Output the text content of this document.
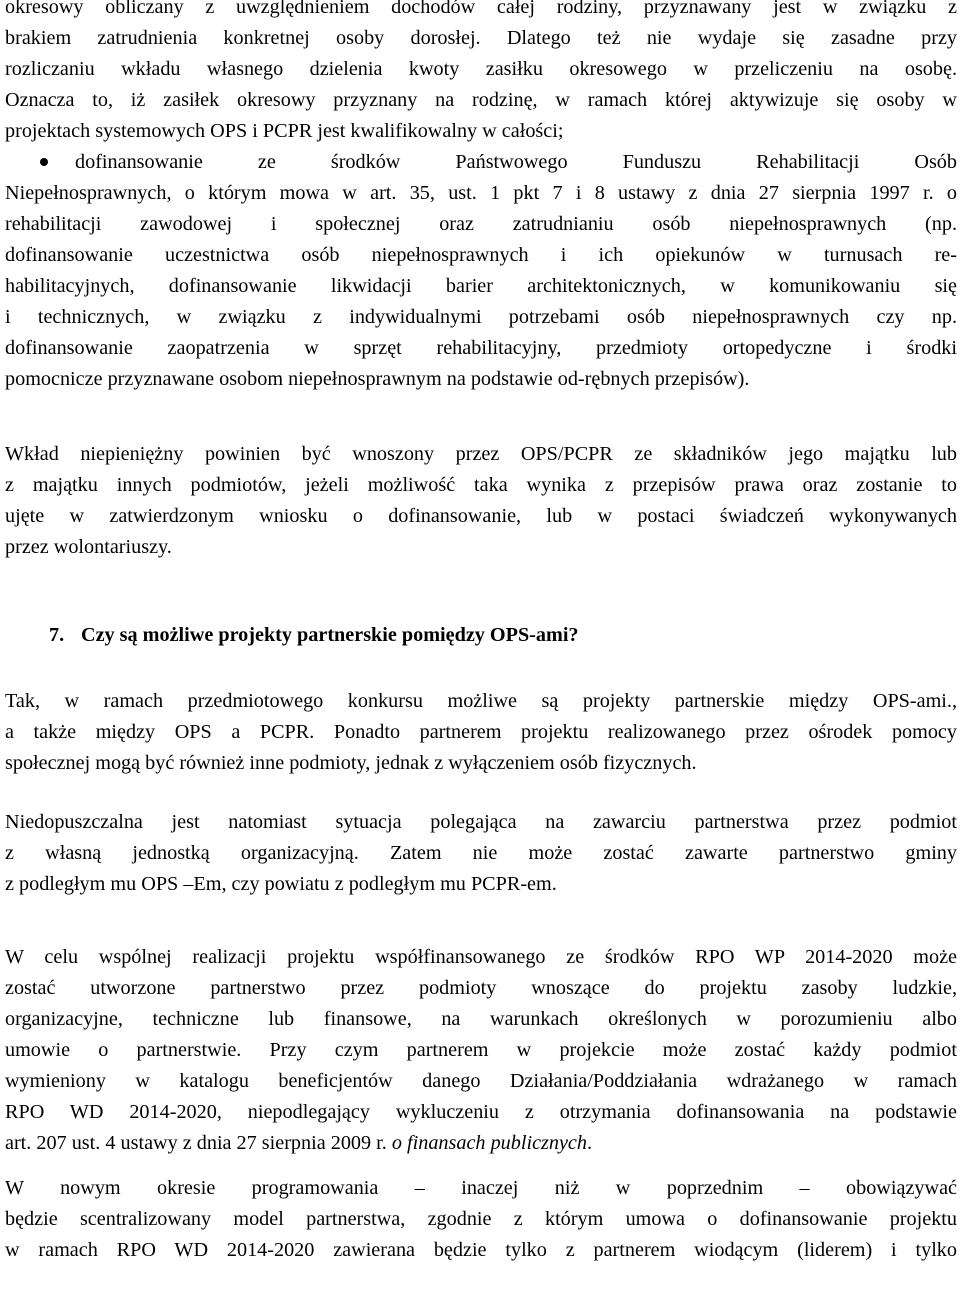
okresowy obliczany z uwzględnieniem dochodów całej rodziny, przyznawany jest w związku z
brakiem zatrudnienia konkretnej osoby dorosłej. Dlatego też nie wydaje się zasadne przy
rozliczaniu wkładu własnego dzielenia kwoty zasiłku okresowego w przeliczeniu na osobę.
Oznacza to, iż zasiłek okresowy przyznany na rodzinę, w ramach której aktywizuje się osoby w
projektach systemowych OPS i PCPR jest kwalifikowalny w całości;
dofinansowanie ze środków Państwowego Funduszu Rehabilitacji Osób
Niepełnosprawnych, o którym mowa w art. 35, ust. 1 pkt 7 i 8 ustawy z dnia 27 sierpnia 1997 r. o
rehabilitacji zawodowej i społecznej oraz zatrudnianiu osób niepełnosprawnych (np.
dofinansowanie uczestnictwa osób niepełnosprawnych i ich opiekunów w turnusach re-
habilitacyjnych, dofinansowanie likwidacji barier architektonicznych, w komunikowaniu się
i technicznych, w związku z indywidualnymi potrzebami osób niepełnosprawnych czy np.
dofinansowanie zaopatrzenia w sprzęt rehabilitacyjny, przedmioty ortopedyczne i środki
pomocnicze przyznawane osobom niepełnosprawnym na podstawie od-rębnych przepisów).
Wkład niepieniężny powinien być wnoszony przez OPS/PCPR ze składników jego majątku lub
z majątku innych podmiotów, jeżeli możliwość taka wynika z przepisów prawa oraz zostanie to
ujęte w zatwierdzonym wniosku o dofinansowanie, lub w postaci świadczeń wykonywanych
przez wolontariuszy.
7. Czy są możliwe projekty partnerskie pomiędzy OPS-ami?
Tak, w ramach przedmiotowego konkursu możliwe są projekty partnerskie między OPS-ami.,
a także między OPS a PCPR. Ponadto partnerem projektu realizowanego przez ośrodek pomocy
społecznej mogą być również inne podmioty, jednak z wyłączeniem osób fizycznych.
Niedopuszczalna jest natomiast sytuacja polegająca na zawarciu partnerstwa przez podmiot
z własną jednostką organizacyjną. Zatem nie może zostać zawarte partnerstwo gminy
z podległym mu OPS –Em, czy powiatu z podległym mu PCPR-em.
W celu wspólnej realizacji projektu współfinansowanego ze środków RPO WP 2014-2020 może
zostać utworzone partnerstwo przez podmioty wnoszące do projektu zasoby ludzkie,
organizacyjne, techniczne lub finansowe, na warunkach określonych w porozumieniu albo
umowie o partnerstwie. Przy czym partnerem w projekcie może zostać każdy podmiot
wymieniony w katalogu beneficjentów danego Działania/Poddziałania wdrażanego w ramach
RPO WD 2014-2020, niepodlegający wykluczeniu z otrzymania dofinansowania na podstawie
art. 207 ust. 4 ustawy z dnia 27 sierpnia 2009 r. o finansach publicznych.
W nowym okresie programowania – inaczej niż w poprzednim – obowiązywać
będzie scentralizowany model partnerstwa, zgodnie z którym umowa o dofinansowanie projektu
w ramach RPO WD 2014-2020 zawierana będzie tylko z partnerem wiodącym (liderem) i tylko
